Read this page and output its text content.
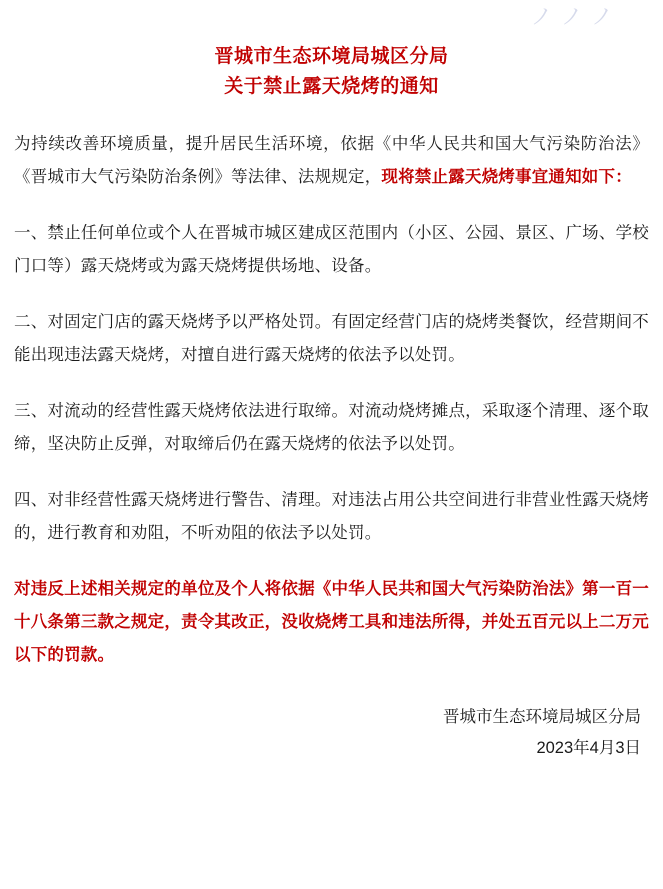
ノノノ
晋城市生态环境局城区分局
关于禁止露天烧烤的通知

为持续改善环境质量，提升居民生活环境，依据《中华人民共和国大气污染防治法》《晋城市大气污染防治条例》等法律、法规规定，现将禁止露天烧烤事宜通知如下：

一、禁止任何单位或个人在晋城市城区建成区范围内（小区、公园、景区、广场、学校门口等）露天烧烤或为露天烧烤提供场地、设备。

二、对固定门店的露天烧烤予以严格处罚。有固定经营门店的烧烤类餐饮，经营期间不能出现违法露天烧烤，对擅自进行露天烧烤的依法予以处罚。

三、对流动的经营性露天烧烤依法进行取缔。对流动烧烤摊点，采取逐个清理、逐个取缔，坚决防止反弹，对取缔后仍在露天烧烤的依法予以处罚。

四、对非经营性露天烧烤进行警告、清理。对违法占用公共空间进行非营业性露天烧烤的，进行教育和劝阻，不听劝阻的依法予以处罚。

对违反上述相关规定的单位及个人将依据《中华人民共和国大气污染防治法》第一百一十八条第三款之规定，责令其改正，没收烧烤工具和违法所得，并处五百元以上二万元以下的罚款。

晋城市生态环境局城区分局
2023年4月3日
